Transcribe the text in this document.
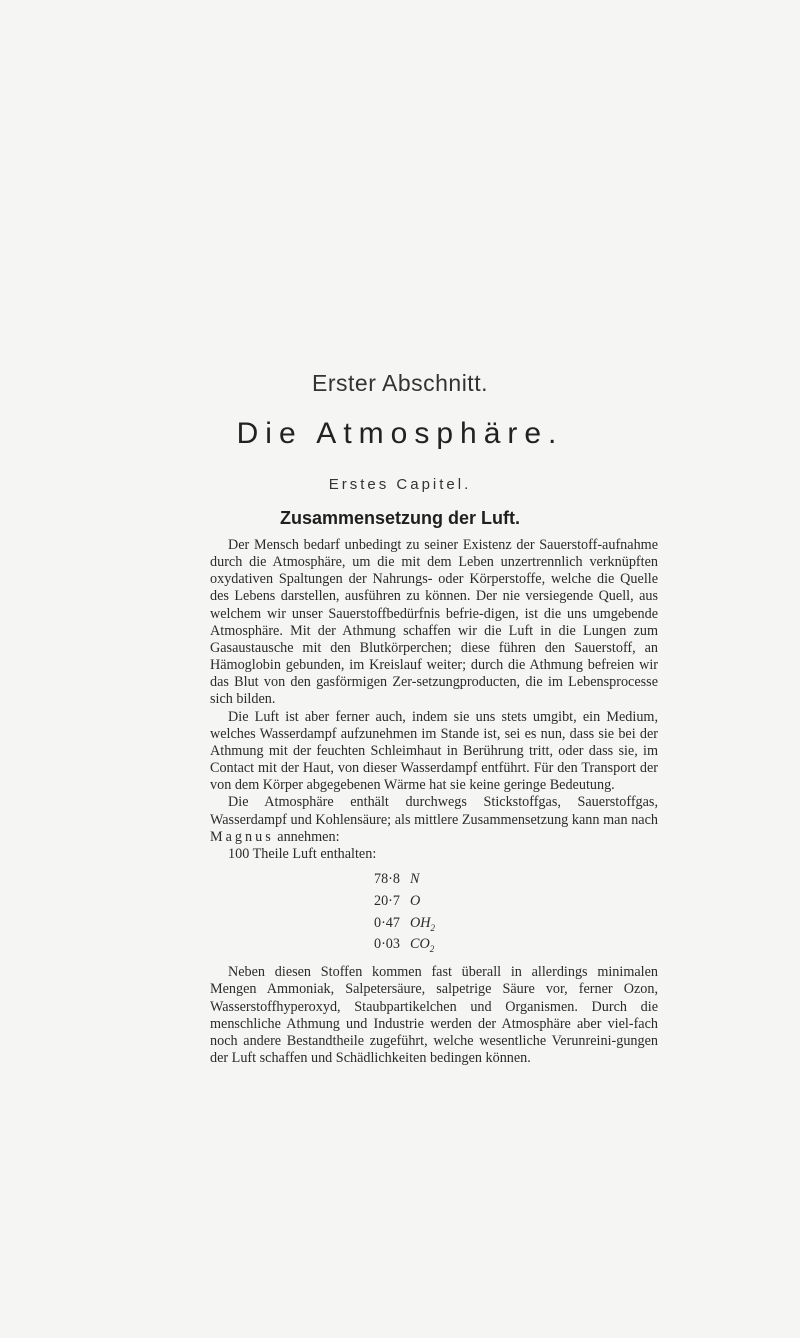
Erster Abschnitt.
Die Atmosphäre.
Erstes Capitel.
Zusammensetzung der Luft.

Der Mensch bedarf unbedingt zu seiner Existenz der Sauerstoff-aufnahme durch die Atmosphäre, um die mit dem Leben unzertrennlich verknüpften oxydativen Spaltungen der Nahrungs- oder Körperstoffe, welche die Quelle des Lebens darstellen, ausführen zu können. Der nie versiegende Quell, aus welchem wir unser Sauerstoffbedürfnis befrie-digen, ist die uns umgebende Atmosphäre. Mit der Athmung schaffen wir die Luft in die Lungen zum Gasaustausche mit den Blutkörperchen; diese führen den Sauerstoff, an Hämoglobin gebunden, im Kreislauf weiter; durch die Athmung befreien wir das Blut von den gasförmigen Zer-setzungproducten, die im Lebensprocesse sich bilden.

Die Luft ist aber ferner auch, indem sie uns stets umgibt, ein Medium, welches Wasserdampf aufzunehmen im Stande ist, sei es nun, dass sie bei der Athmung mit der feuchten Schleimhaut in Berührung tritt, oder dass sie, im Contact mit der Haut, von dieser Wasserdampf entführt. Für den Transport der von dem Körper abgegebenen Wärme hat sie keine geringe Bedeutung.

Die Atmosphäre enthält durchwegs Stickstoffgas, Sauerstoffgas, Wasserdampf und Kohlensäure; als mittlere Zusammensetzung kann man nach Magnus annehmen:

100 Theile Luft enthalten:

78·8 N
20·7 O
0·47 $OH_2$
0·03 $CO_2$

Neben diesen Stoffen kommen fast überall in allerdings minimalen Mengen Ammoniak, Salpetersäure, salpetrige Säure vor, ferner Ozon, Wasserstoffhyperoxyd, Staubpartikelchen und Organismen. Durch die menschliche Athmung und Industrie werden der Atmosphäre aber viel-fach noch andere Bestandtheile zugeführt, welche wesentliche Verunreini-gungen der Luft schaffen und Schädlichkeiten bedingen können.
